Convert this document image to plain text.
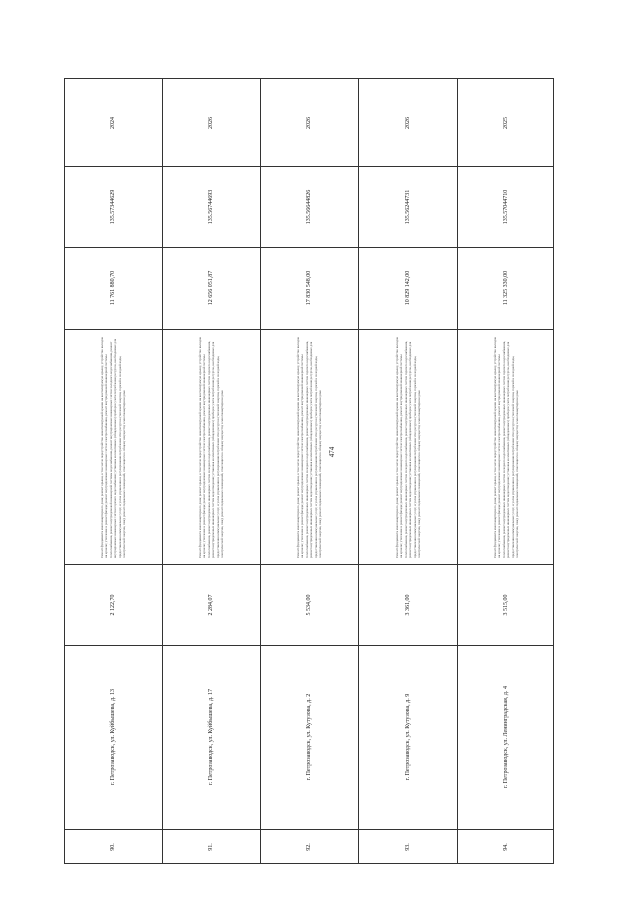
474
90.
г. Петрозаводск, ул. Куйбышева, д. 13
2 122,70
Ремонт фундамента многоквартирного дома; ремонт крыши, в том числе переустройство невентилируемой крыши на вентилируемую крышу, устройство выходов на кровлю; утепление и ремонт фасада; ремонт внутридомовых инженерных систем электроснабжения, ремонт внутридомовой инженерной системы теплоснабжения, ремонт внутридомовой инженерной системы водоснабжения, ремонт внутридомовых инженерных систем холодного водоснабжения, ремонт внутридомовых инженерных систем горячего водоснабжения; установка коллективных (общедомовых) приборов учета потребления ресурсов, необходимых для предоставления коммунальных услуг, и узлов управления и регулирования потребления этих ресурсов (тепловой энергии, горячей и холодной воды, электрической энергии, газа); ремонт подвальных помещений, относящихся к общему имуществу в многоквартирном доме
11 761 880,70
135.57344629
2024
91.
г. Петрозаводск, ул. Куйбышева, д. 17
2 284,07
Ремонт фундамента многоквартирного дома; ремонт крыши, в том числе переустройство невентилируемой крыши на вентилируемую крышу, устройство выходов на кровлю; утепление и ремонт фасада; ремонт внутридомовых инженерных систем электроснабжения, ремонт внутридомовой инженерной системы теплоснабжения, ремонт внутридомовых инженерных систем холодного водоснабжения, ремонт внутридомовых инженерных систем горячего водоснабжения, ремонт внутридомовых инженерных систем водоотведения; установка коллективных (общедомовых) приборов учета потребления ресурсов, необходимых для предоставления коммунальных услуг, и узлов управления и регулирования потребления этих ресурсов (тепловой энергии, горячей и холодной воды, электрической энергии, газа); ремонт подвальных помещений, относящихся к общему имуществу в многоквартирном доме
12 656 051,87
135.56744693
2026
92.
г. Петрозаводск, ул. Кутузова, д. 2
5 534,00
Ремонт фундамента многоквартирного дома; ремонт крыши, в том числе переустройство невентилируемой крыши на вентилируемую крышу, устройство выходов на кровлю; утепление и ремонт фасада; ремонт внутридомовых инженерных систем электроснабжения, ремонт внутридомовой инженерной системы теплоснабжения, ремонт внутридомовых инженерных систем холодного водоснабжения, ремонт внутридомовых инженерных систем горячего водоснабжения, ремонт внутридомовых инженерных систем водоотведения; установка коллективных (общедомовых) приборов учета потребления ресурсов, необходимых для предоставления коммунальных услуг, и узлов управления и регулирования потребления этих ресурсов (тепловой энергии, горячей и холодной воды, электрической энергии, газа); ремонт подвальных помещений, относящихся к общему имуществу в многоквартирном доме
17 830 548,00
135.56644826
2026
93.
г. Петрозаводск, ул. Кутузова, д. 9
3 361,00
Ремонт фундамента многоквартирного дома; ремонт крыши, в том числе переустройство невентилируемой крыши на вентилируемую крышу, устройство выходов на кровлю; утепление и ремонт фасада; ремонт внутридомовых инженерных систем электроснабжения, ремонт внутридомовой инженерной системы теплоснабжения, ремонт внутридомовых инженерных систем холодного водоснабжения, ремонт внутридомовых инженерных систем горячего водоснабжения, ремонт внутридомовых инженерных систем водоотведения; установка коллективных (общедомовых) приборов учета потребления ресурсов, необходимых для предоставления коммунальных услуг, и узлов управления и регулирования потребления этих ресурсов (тепловой энергии, горячей и холодной воды, электрической энергии, газа); ремонт подвальных помещений, относящихся к общему имуществу в многоквартирном доме
10 829 142,00
135.56244731
2026
94.
г. Петрозаводск, ул. Ленинградская, д. 4
3 515,00
Ремонт фундамента многоквартирного дома; ремонт крыши, в том числе переустройство невентилируемой крыши на вентилируемую крышу, устройство выходов на кровлю; утепление и ремонт фасада; ремонт внутридомовых инженерных систем электроснабжения, ремонт внутридомовой инженерной системы теплоснабжения, ремонт внутридомовых инженерных систем холодного водоснабжения, ремонт внутридомовых инженерных систем горячего водоснабжения, ремонт внутридомовых инженерных систем водоотведения; установка коллективных (общедомовых) приборов учета потребления ресурсов, необходимых для предоставления коммунальных услуг, и узлов управления и регулирования потребления этих ресурсов (тепловой энергии, горячей и холодной воды, электрической энергии, газа); ремонт подвальных помещений, относящихся к общему имуществу в многоквартирном доме
11 325 330,00
135.57044710
2025
